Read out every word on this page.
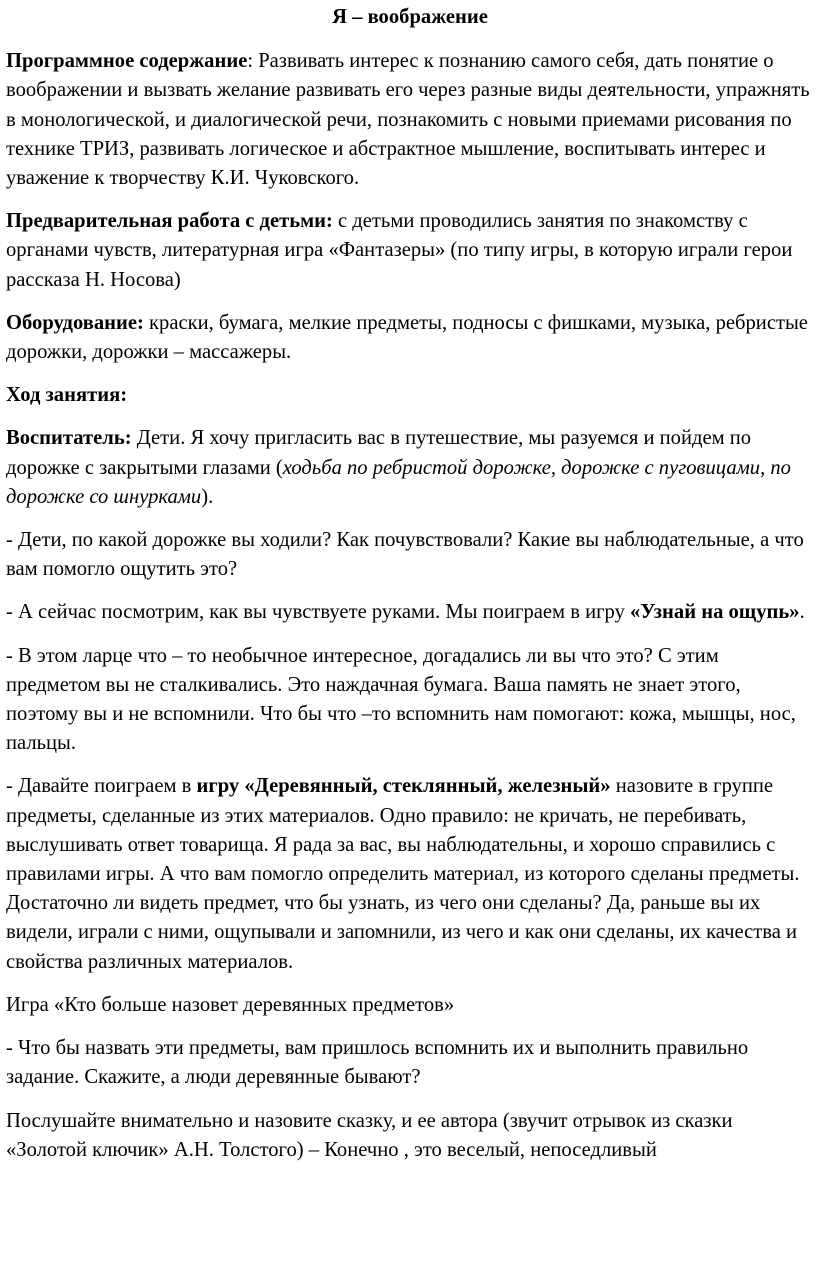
Я – воображение

Программное содержание: Развивать интерес к познанию самого себя, дать понятие о воображении и вызвать желание развивать его через разные виды деятельности, упражнять в монологической, и диалогической речи, познакомить с новыми приемами рисования по технике ТРИЗ, развивать логическое и абстрактное мышление, воспитывать интерес и уважение к творчеству К.И. Чуковского.

Предварительная работа с детьми: с детьми проводились занятия по знакомству с органами чувств, литературная игра «Фантазеры» (по типу игры, в которую играли герои рассказа Н. Носова)

Оборудование: краски, бумага, мелкие предметы, подносы с фишками, музыка, ребристые дорожки, дорожки – массажеры.

Ход занятия:

Воспитатель: Дети. Я хочу пригласить вас в путешествие, мы разуемся и пойдем по дорожке с закрытыми глазами (ходьба по ребристой дорожке, дорожке с пуговицами, по дорожке со шнурками).

- Дети, по какой дорожке вы ходили? Как почувствовали? Какие вы наблюдательные, а что вам помогло ощутить это?

- А сейчас посмотрим, как вы чувствуете руками. Мы поиграем в игру «Узнай на ощупь».

- В этом ларце что – то необычное интересное, догадались ли вы что это? С этим предметом вы не сталкивались. Это наждачная бумага. Ваша память не знает этого, поэтому вы и не вспомнили. Что бы что –то вспомнить нам помогают: кожа, мышцы, нос, пальцы.

- Давайте поиграем в игру «Деревянный, стеклянный, железный» назовите в группе предметы, сделанные из этих материалов. Одно правило: не кричать, не перебивать, выслушивать ответ товарища. Я рада за вас, вы наблюдательны, и хорошо справились с правилами игры. А что вам помогло определить материал, из которого сделаны предметы. Достаточно ли видеть предмет, что бы узнать, из чего они сделаны? Да, раньше вы их видели, играли с ними, ощупывали и запомнили, из чего и как они сделаны, их качества и свойства различных материалов.

Игра «Кто больше назовет деревянных предметов»

- Что бы назвать эти предметы, вам пришлось вспомнить их и выполнить правильно задание. Скажите, а люди деревянные бывают?

Послушайте внимательно и назовите сказку, и ее автора (звучит отрывок из сказки «Золотой ключик» А.Н. Толстого) – Конечно , это веселый, непоседливый
